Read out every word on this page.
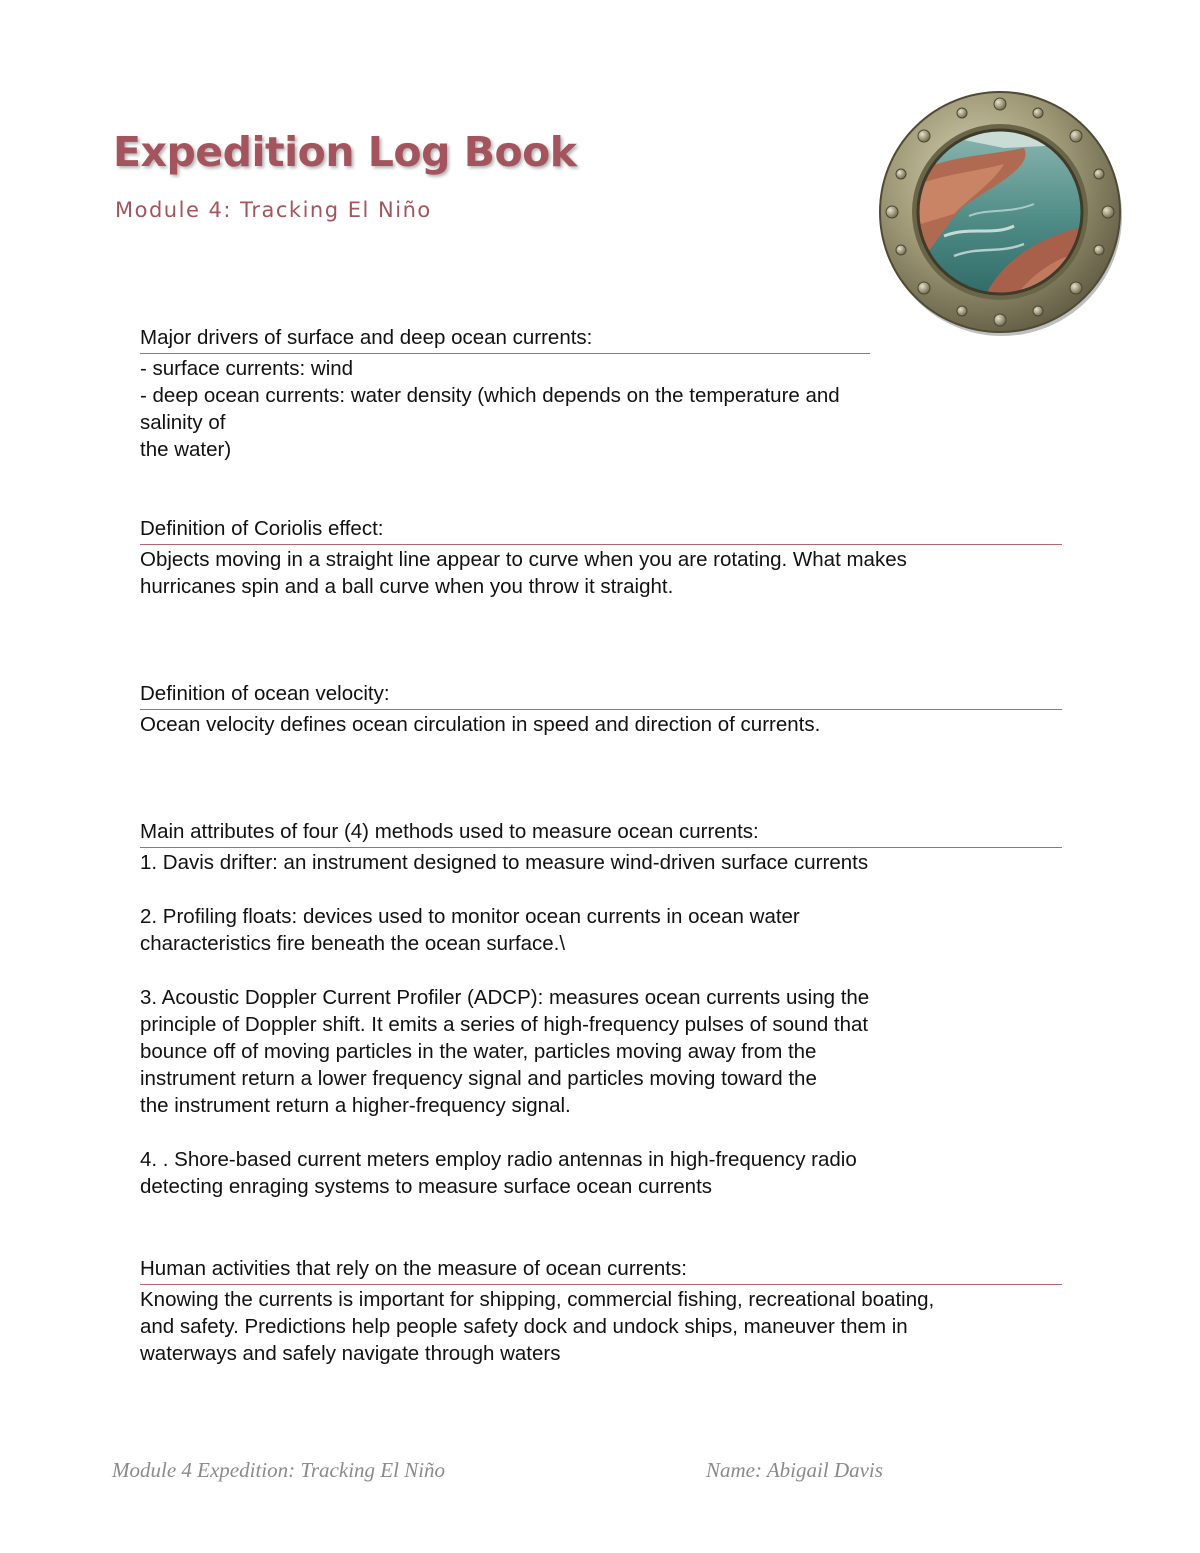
Expedition Log Book
Module 4: Tracking El Niño
Major drivers of surface and deep ocean currents:
- surface currents: wind
- deep ocean currents: water density (which depends on the temperature and salinity of
the water)
Definition of Coriolis effect:
Objects moving in a straight line appear to curve when you are rotating. What makes
hurricanes spin and a ball curve when you throw it straight.
Definition of ocean velocity:
Ocean velocity defines ocean circulation in speed and direction of currents.
Main attributes of four (4) methods used to measure ocean currents:
1. Davis drifter: an instrument designed to measure wind-driven surface currents
2. Profiling floats: devices used to monitor ocean currents in ocean water
characteristics fire beneath the ocean surface.\
3. Acoustic Doppler Current Profiler (ADCP): measures ocean currents using the
principle of Doppler shift. It emits a series of high-frequency pulses of sound that
bounce off of moving particles in the water, particles moving away from the
instrument return a lower frequency signal and particles moving toward the
the instrument return a higher-frequency signal.
4. . Shore-based current meters employ radio antennas in high-frequency radio
detecting enraging systems to measure surface ocean currents
Human activities that rely on the measure of ocean currents:
Knowing the currents is important for shipping, commercial fishing, recreational boating,
and safety. Predictions help people safety dock and undock ships, maneuver them in
waterways and safely navigate through waters
Module 4 Expedition: Tracking El Niño	Name: Abigail Davis
